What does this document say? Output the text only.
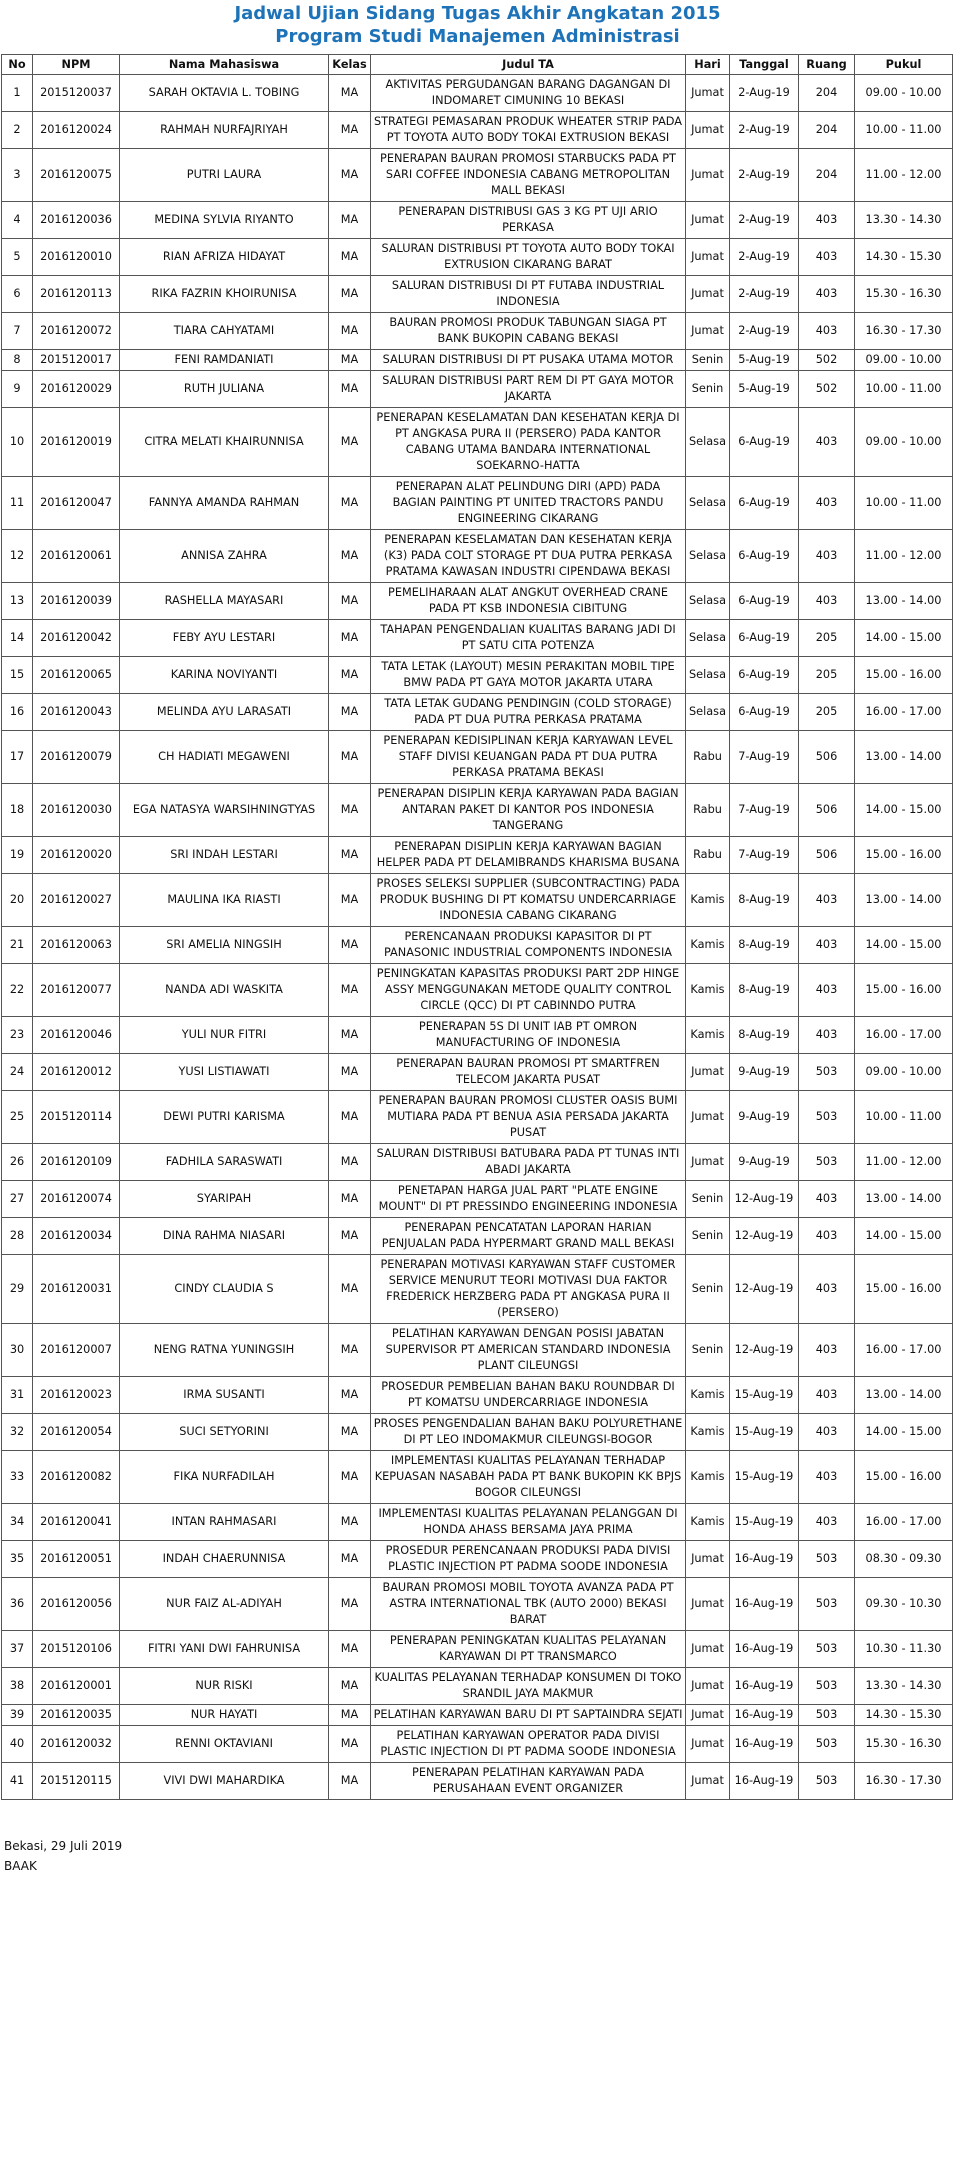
Jadwal Ujian Sidang Tugas Akhir Angkatan 2015
Program Studi Manajemen Administrasi
No	NPM	Nama Mahasiswa	Kelas	Judul TA	Hari	Tanggal	Ruang	Pukul
1	2015120037	SARAH OKTAVIA L. TOBING	MA	AKTIVITAS PERGUDANGAN BARANG DAGANGAN DI INDOMARET CIMUNING 10 BEKASI	Jumat	2-Aug-19	204	09.00 - 10.00
2	2016120024	RAHMAH NURFAJRIYAH	MA	STRATEGI PEMASARAN PRODUK WHEATER STRIP PADA PT TOYOTA AUTO BODY TOKAI EXTRUSION BEKASI	Jumat	2-Aug-19	204	10.00 - 11.00
3	2016120075	PUTRI LAURA	MA	PENERAPAN BAURAN PROMOSI STARBUCKS PADA PT SARI COFFEE INDONESIA CABANG METROPOLITAN MALL BEKASI	Jumat	2-Aug-19	204	11.00 - 12.00
4	2016120036	MEDINA SYLVIA RIYANTO	MA	PENERAPAN DISTRIBUSI GAS 3 KG PT UJI ARIO PERKASA	Jumat	2-Aug-19	403	13.30 - 14.30
5	2016120010	RIAN AFRIZA HIDAYAT	MA	SALURAN DISTRIBUSI PT TOYOTA AUTO BODY TOKAI EXTRUSION CIKARANG BARAT	Jumat	2-Aug-19	403	14.30 - 15.30
6	2016120113	RIKA FAZRIN KHOIRUNISA	MA	SALURAN DISTRIBUSI DI PT FUTABA INDUSTRIAL INDONESIA	Jumat	2-Aug-19	403	15.30 - 16.30
7	2016120072	TIARA CAHYATAMI	MA	BAURAN PROMOSI PRODUK TABUNGAN SIAGA PT BANK BUKOPIN CABANG BEKASI	Jumat	2-Aug-19	403	16.30 - 17.30
8	2015120017	FENI RAMDANIATI	MA	SALURAN DISTRIBUSI DI PT PUSAKA UTAMA MOTOR	Senin	5-Aug-19	502	09.00 - 10.00
9	2016120029	RUTH JULIANA	MA	SALURAN DISTRIBUSI PART REM DI PT GAYA MOTOR JAKARTA	Senin	5-Aug-19	502	10.00 - 11.00
10	2016120019	CITRA MELATI KHAIRUNNISA	MA	PENERAPAN KESELAMATAN DAN KESEHATAN KERJA DI PT ANGKASA PURA II (PERSERO) PADA KANTOR CABANG UTAMA BANDARA INTERNATIONAL SOEKARNO-HATTA	Selasa	6-Aug-19	403	09.00 - 10.00
11	2016120047	FANNYA AMANDA RAHMAN	MA	PENERAPAN ALAT PELINDUNG DIRI (APD) PADA BAGIAN PAINTING PT UNITED TRACTORS PANDU ENGINEERING CIKARANG	Selasa	6-Aug-19	403	10.00 - 11.00
12	2016120061	ANNISA ZAHRA	MA	PENERAPAN KESELAMATAN DAN KESEHATAN KERJA (K3) PADA COLT STORAGE PT DUA PUTRA PERKASA PRATAMA KAWASAN INDUSTRI CIPENDAWA BEKASI	Selasa	6-Aug-19	403	11.00 - 12.00
13	2016120039	RASHELLA MAYASARI	MA	PEMELIHARAAN ALAT ANGKUT OVERHEAD CRANE PADA PT KSB INDONESIA CIBITUNG	Selasa	6-Aug-19	403	13.00 - 14.00
14	2016120042	FEBY AYU LESTARI	MA	TAHAPAN PENGENDALIAN KUALITAS BARANG JADI DI PT SATU CITA POTENZA	Selasa	6-Aug-19	205	14.00 - 15.00
15	2016120065	KARINA NOVIYANTI	MA	TATA LETAK (LAYOUT) MESIN PERAKITAN MOBIL TIPE BMW PADA PT GAYA MOTOR JAKARTA UTARA	Selasa	6-Aug-19	205	15.00 - 16.00
16	2016120043	MELINDA AYU LARASATI	MA	TATA LETAK GUDANG PENDINGIN (COLD STORAGE) PADA PT DUA PUTRA PERKASA PRATAMA	Selasa	6-Aug-19	205	16.00 - 17.00
17	2016120079	CH HADIATI MEGAWENI	MA	PENERAPAN KEDISIPLINAN KERJA KARYAWAN LEVEL STAFF DIVISI KEUANGAN PADA PT DUA PUTRA PERKASA PRATAMA BEKASI	Rabu	7-Aug-19	506	13.00 - 14.00
18	2016120030	EGA NATASYA WARSIHNINGTYAS	MA	PENERAPAN DISIPLIN KERJA KARYAWAN PADA BAGIAN ANTARAN PAKET DI KANTOR POS INDONESIA TANGERANG	Rabu	7-Aug-19	506	14.00 - 15.00
19	2016120020	SRI INDAH LESTARI	MA	PENERAPAN DISIPLIN KERJA KARYAWAN BAGIAN HELPER PADA PT DELAMIBRANDS KHARISMA BUSANA	Rabu	7-Aug-19	506	15.00 - 16.00
20	2016120027	MAULINA IKA RIASTI	MA	PROSES SELEKSI SUPPLIER (SUBCONTRACTING) PADA PRODUK BUSHING DI PT KOMATSU UNDERCARRIAGE INDONESIA CABANG CIKARANG	Kamis	8-Aug-19	403	13.00 - 14.00
21	2016120063	SRI AMELIA NINGSIH	MA	PERENCANAAN PRODUKSI KAPASITOR DI PT PANASONIC INDUSTRIAL COMPONENTS INDONESIA	Kamis	8-Aug-19	403	14.00 - 15.00
22	2016120077	NANDA ADI WASKITA	MA	PENINGKATAN KAPASITAS PRODUKSI PART 2DP HINGE ASSY MENGGUNAKAN METODE QUALITY CONTROL CIRCLE (QCC) DI PT CABINNDO PUTRA	Kamis	8-Aug-19	403	15.00 - 16.00
23	2016120046	YULI NUR FITRI	MA	PENERAPAN 5S DI UNIT IAB PT OMRON MANUFACTURING OF INDONESIA	Kamis	8-Aug-19	403	16.00 - 17.00
24	2016120012	YUSI LISTIAWATI	MA	PENERAPAN BAURAN PROMOSI PT SMARTFREN TELECOM JAKARTA PUSAT	Jumat	9-Aug-19	503	09.00 - 10.00
25	2015120114	DEWI PUTRI KARISMA	MA	PENERAPAN BAURAN PROMOSI CLUSTER OASIS BUMI MUTIARA PADA PT BENUA ASIA PERSADA JAKARTA PUSAT	Jumat	9-Aug-19	503	10.00 - 11.00
26	2016120109	FADHILA SARASWATI	MA	SALURAN DISTRIBUSI BATUBARA PADA PT TUNAS INTI ABADI JAKARTA	Jumat	9-Aug-19	503	11.00 - 12.00
27	2016120074	SYARIPAH	MA	PENETAPAN HARGA JUAL PART "PLATE ENGINE MOUNT" DI PT PRESSINDO ENGINEERING INDONESIA	Senin	12-Aug-19	403	13.00 - 14.00
28	2016120034	DINA RAHMA NIASARI	MA	PENERAPAN PENCATATAN LAPORAN HARIAN PENJUALAN PADA HYPERMART GRAND MALL BEKASI	Senin	12-Aug-19	403	14.00 - 15.00
29	2016120031	CINDY CLAUDIA S	MA	PENERAPAN MOTIVASI KARYAWAN STAFF CUSTOMER SERVICE MENURUT TEORI MOTIVASI DUA FAKTOR FREDERICK HERZBERG PADA PT ANGKASA PURA II (PERSERO)	Senin	12-Aug-19	403	15.00 - 16.00
30	2016120007	NENG RATNA YUNINGSIH	MA	PELATIHAN KARYAWAN DENGAN POSISI JABATAN SUPERVISOR PT AMERICAN STANDARD INDONESIA PLANT CILEUNGSI	Senin	12-Aug-19	403	16.00 - 17.00
31	2016120023	IRMA SUSANTI	MA	PROSEDUR PEMBELIAN BAHAN BAKU ROUNDBAR DI PT KOMATSU UNDERCARRIAGE INDONESIA	Kamis	15-Aug-19	403	13.00 - 14.00
32	2016120054	SUCI SETYORINI	MA	PROSES PENGENDALIAN BAHAN BAKU POLYURETHANE DI PT LEO INDOMAKMUR CILEUNGSI-BOGOR	Kamis	15-Aug-19	403	14.00 - 15.00
33	2016120082	FIKA NURFADILAH	MA	IMPLEMENTASI KUALITAS PELAYANAN TERHADAP KEPUASAN NASABAH PADA PT BANK BUKOPIN KK BPJS BOGOR CILEUNGSI	Kamis	15-Aug-19	403	15.00 - 16.00
34	2016120041	INTAN RAHMASARI	MA	IMPLEMENTASI KUALITAS PELAYANAN PELANGGAN DI HONDA AHASS BERSAMA JAYA PRIMA	Kamis	15-Aug-19	403	16.00 - 17.00
35	2016120051	INDAH CHAERUNNISA	MA	PROSEDUR PERENCANAAN PRODUKSI PADA DIVISI PLASTIC INJECTION PT PADMA SOODE INDONESIA	Jumat	16-Aug-19	503	08.30 - 09.30
36	2016120056	NUR FAIZ AL-ADIYAH	MA	BAURAN PROMOSI MOBIL TOYOTA AVANZA PADA PT ASTRA INTERNATIONAL TBK (AUTO 2000) BEKASI BARAT	Jumat	16-Aug-19	503	09.30 - 10.30
37	2015120106	FITRI YANI DWI FAHRUNISA	MA	PENERAPAN PENINGKATAN KUALITAS PELAYANAN KARYAWAN DI PT TRANSMARCO	Jumat	16-Aug-19	503	10.30 - 11.30
38	2016120001	NUR RISKI	MA	KUALITAS PELAYANAN TERHADAP KONSUMEN DI TOKO SRANDIL JAYA MAKMUR	Jumat	16-Aug-19	503	13.30 - 14.30
39	2016120035	NUR HAYATI	MA	PELATIHAN KARYAWAN BARU DI PT SAPTAINDRA SEJATI	Jumat	16-Aug-19	503	14.30 - 15.30
40	2016120032	RENNI OKTAVIANI	MA	PELATIHAN KARYAWAN OPERATOR PADA DIVISI PLASTIC INJECTION DI PT PADMA SOODE INDONESIA	Jumat	16-Aug-19	503	15.30 - 16.30
41	2015120115	VIVI DWI MAHARDIKA	MA	PENERAPAN PELATIHAN KARYAWAN PADA PERUSAHAAN EVENT ORGANIZER	Jumat	16-Aug-19	503	16.30 - 17.30
Bekasi, 29 Juli 2019
BAAK
